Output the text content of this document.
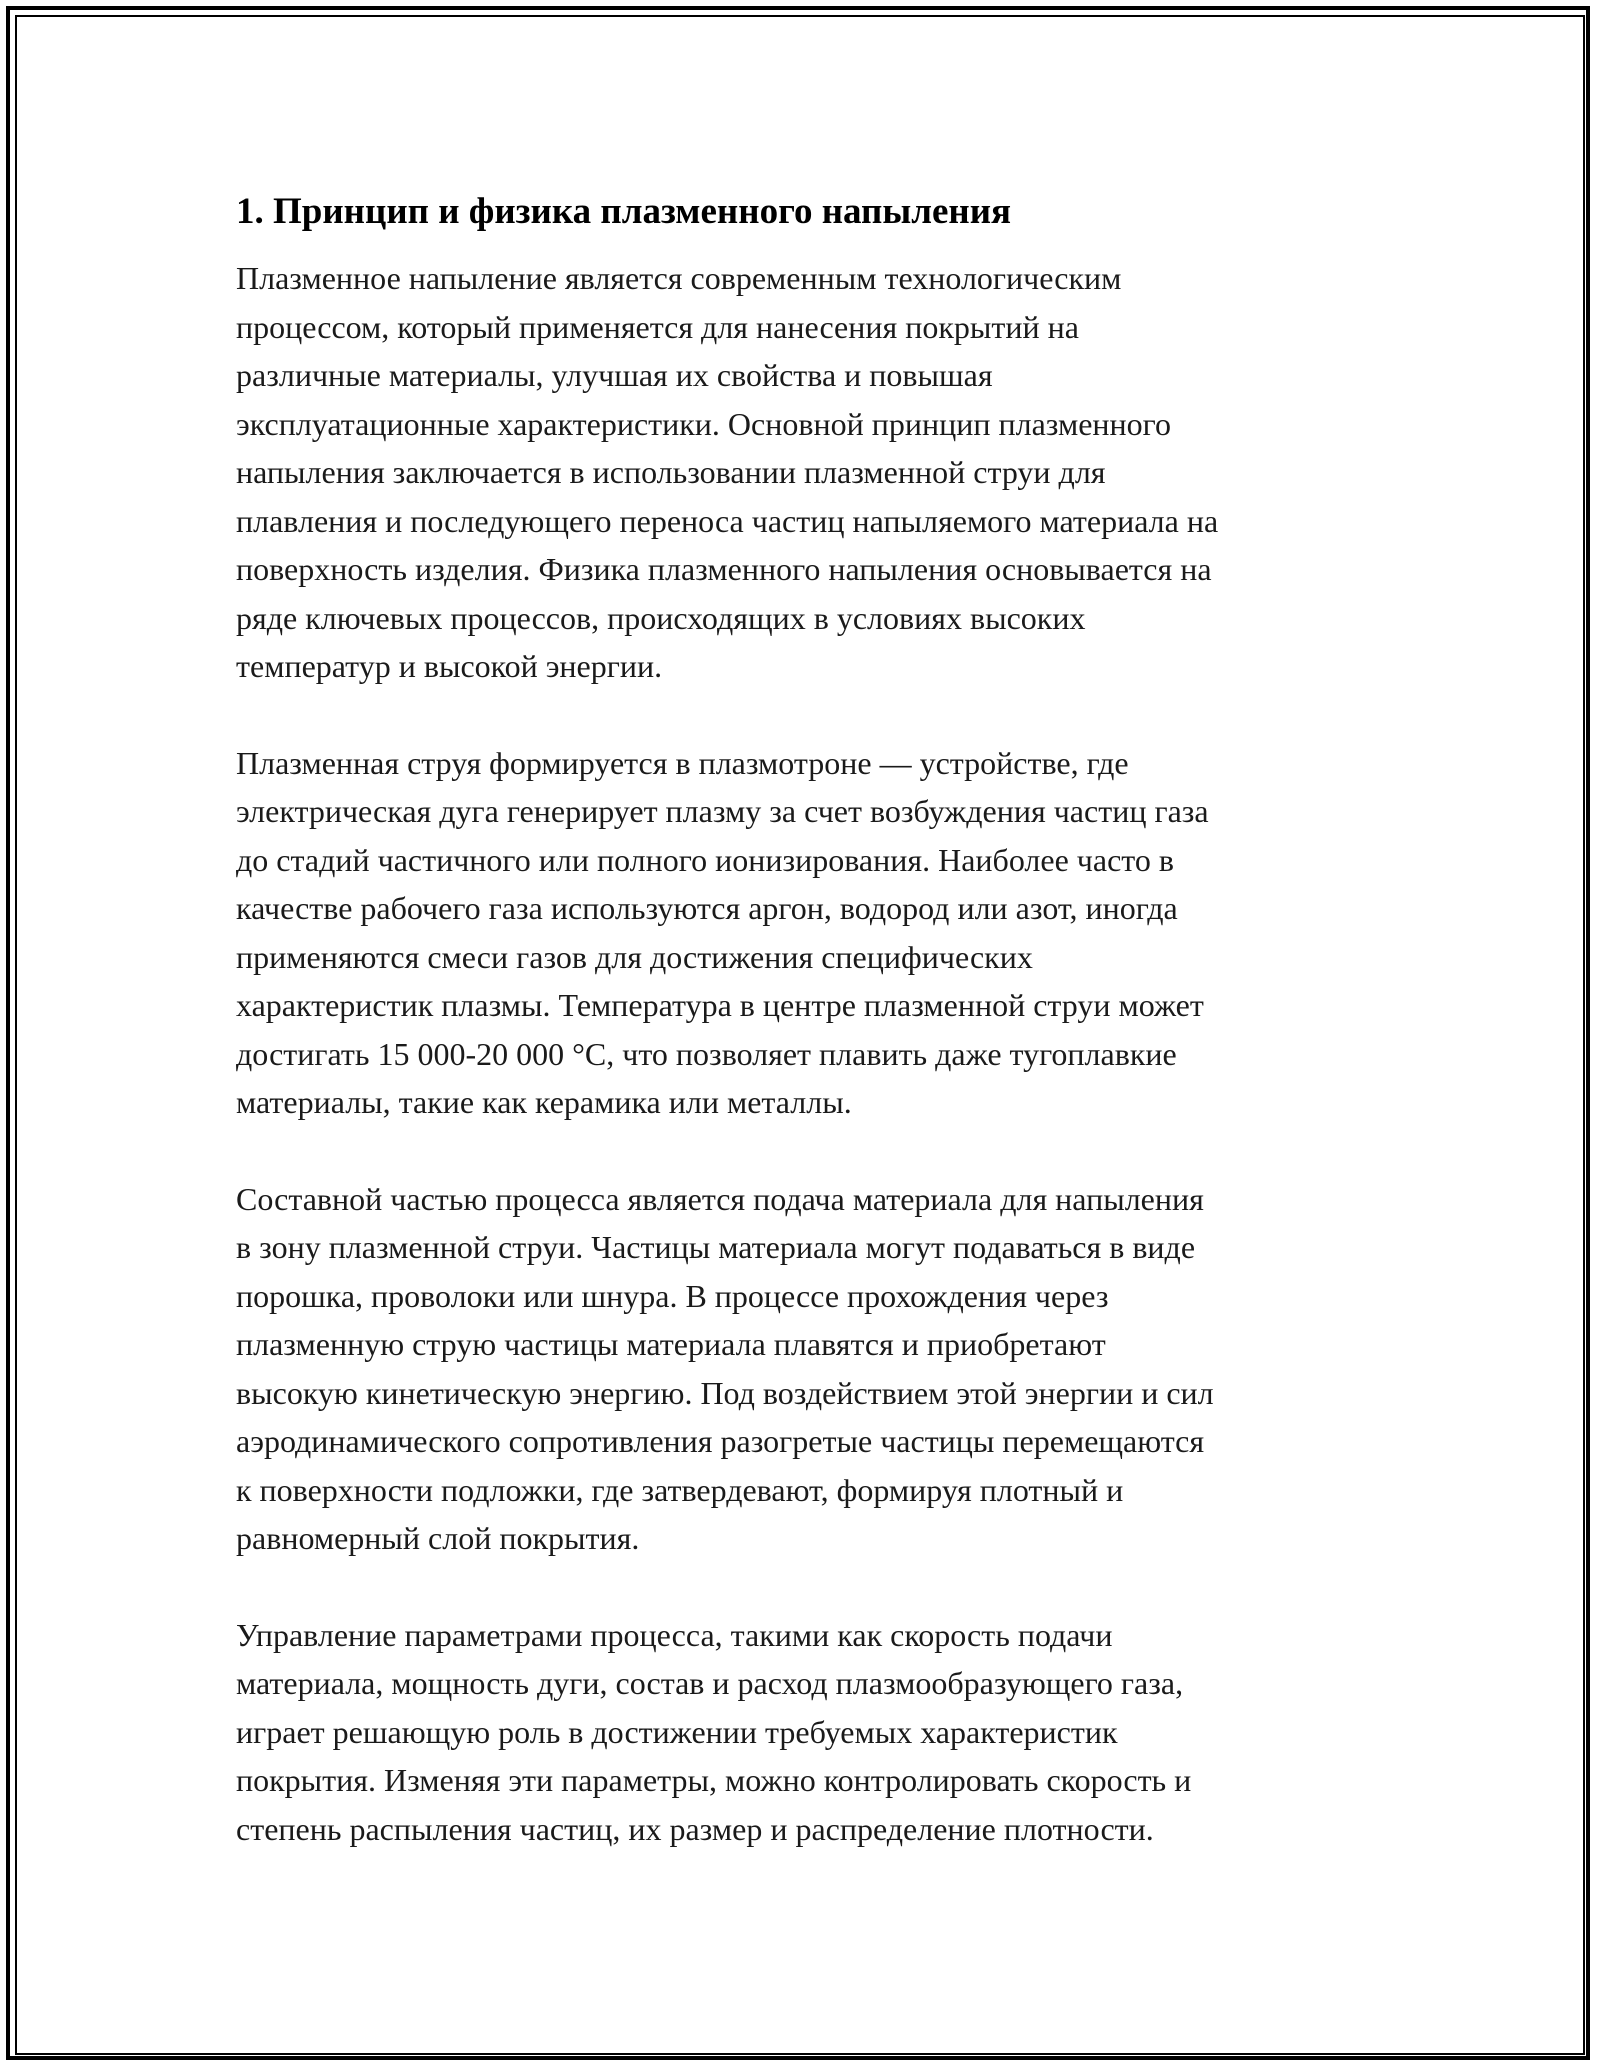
1. Принцип и физика плазменного напыления

Плазменное напыление является современным технологическим
процессом, который применяется для нанесения покрытий на
различные материалы, улучшая их свойства и повышая
эксплуатационные характеристики. Основной принцип плазменного
напыления заключается в использовании плазменной струи для
плавления и последующего переноса частиц напыляемого материала на
поверхность изделия. Физика плазменного напыления основывается на
ряде ключевых процессов, происходящих в условиях высоких
температур и высокой энергии.

Плазменная струя формируется в плазмотроне — устройстве, где
электрическая дуга генерирует плазму за счет возбуждения частиц газа
до стадий частичного или полного ионизирования. Наиболее часто в
качестве рабочего газа используются аргон, водород или азот, иногда
применяются смеси газов для достижения специфических
характеристик плазмы. Температура в центре плазменной струи может
достигать 15 000-20 000 °C, что позволяет плавить даже тугоплавкие
материалы, такие как керамика или металлы.

Составной частью процесса является подача материала для напыления
в зону плазменной струи. Частицы материала могут подаваться в виде
порошка, проволоки или шнура. В процессе прохождения через
плазменную струю частицы материала плавятся и приобретают
высокую кинетическую энергию. Под воздействием этой энергии и сил
аэродинамического сопротивления разогретые частицы перемещаются
к поверхности подложки, где затвердевают, формируя плотный и
равномерный слой покрытия.

Управление параметрами процесса, такими как скорость подачи
материала, мощность дуги, состав и расход плазмообразующего газа,
играет решающую роль в достижении требуемых характеристик
покрытия. Изменяя эти параметры, можно контролировать скорость и
степень распыления частиц, их размер и распределение плотности.
